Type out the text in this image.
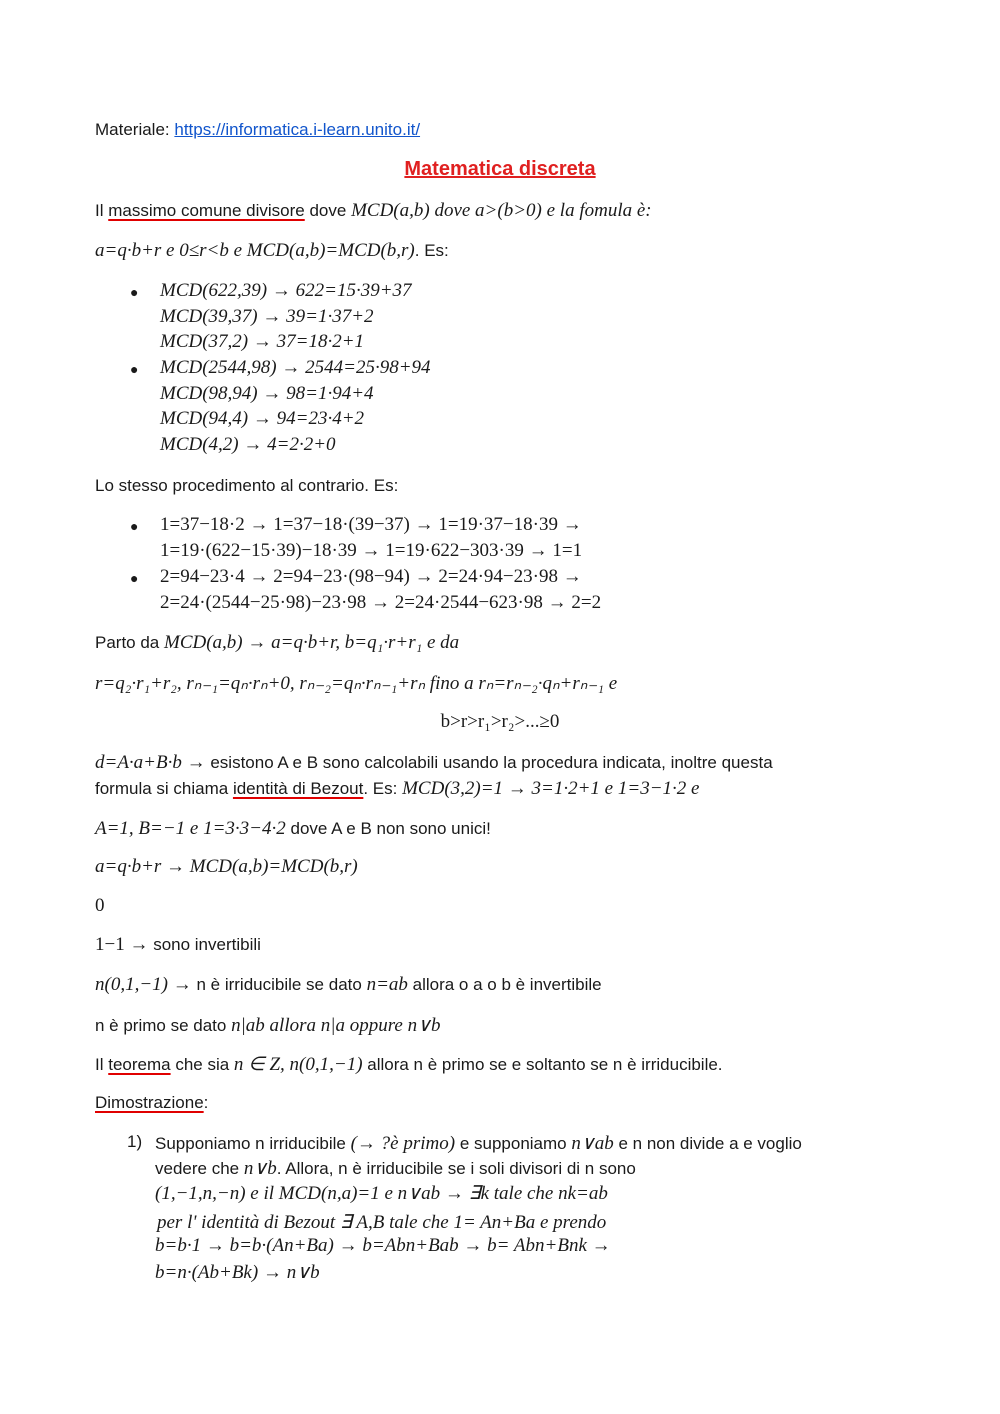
Materiale: https://informatica.i-learn.unito.it/
Matematica discreta
Il massimo comune divisore dove MCD(a,b) dove a>(b>0) e la fomula è:
a=q·b+r e 0≤r<b e MCD(a,b)=MCD(b,r). Es:
● MCD(622,39) → 622=15·39+37
MCD(39,37) → 39=1·37+2
MCD(37,2) → 37=18·2+1
● MCD(2544,98) → 2544=25·98+94
MCD(98,94) → 98=1·94+4
MCD(94,4) → 94=23·4+2
MCD(4,2) → 4=2·2+0
Lo stesso procedimento al contrario. Es:
● 1=37−18·2 → 1=37−18·(39−37) → 1=19·37−18·39 →
1=19·(622−15·39)−18·39 → 1=19·622−303·39 → 1=1
● 2=94−23·4 → 2=94−23·(98−94) → 2=24·94−23·98 →
2=24·(2544−25·98)−23·98 → 2=24·2544−623·98 → 2=2
Parto da MCD(a,b) → a=q·b+r, b=q₁·r+r₁ e da
r=q₂·r₁+r₂, rₙ₋₁=qₙ·rₙ+0, rₙ₋₂=qₙ·rₙ₋₁+rₙ fino a rₙ=rₙ₋₂·qₙ+rₙ₋₁ e
b>r>r₁>r₂>...≥0
d=A·a+B·b → esistono A e B sono calcolabili usando la procedura indicata, inoltre questa
formula si chiama identità di Bezout. Es: MCD(3,2)=1 → 3=1·2+1 e 1=3−1·2 e
A=1, B=−1 e 1=3·3−4·2 dove A e B non sono unici!
a=q·b+r → MCD(a,b)=MCD(b,r)
0
1−1 → sono invertibili
n(0,1,−1) → n è irriducibile se dato n=ab allora o a o b è invertibile
n è primo se dato n|ab allora n|a oppure n∨b
Il teorema che sia n ∈ Z, n(0,1,−1) allora n è primo se e soltanto se n è irriducibile.
Dimostrazione:
1) Supponiamo n irriducibile (→ ?è primo) e supponiamo n∨ab e n non divide a e voglio
vedere che n∨b. Allora, n è irriducibile se i soli divisori di n sono
(1,−1,n,−n) e il MCD(n,a)=1 e n∨ab → ∃k tale che nk=ab
per l' identità di Bezout ∃ A,B tale che 1= An+Ba e prendo
b=b·1 → b=b·(An+Ba) → b=Abn+Bab → b= Abn+Bnk →
b=n·(Ab+Bk) → n∨b
